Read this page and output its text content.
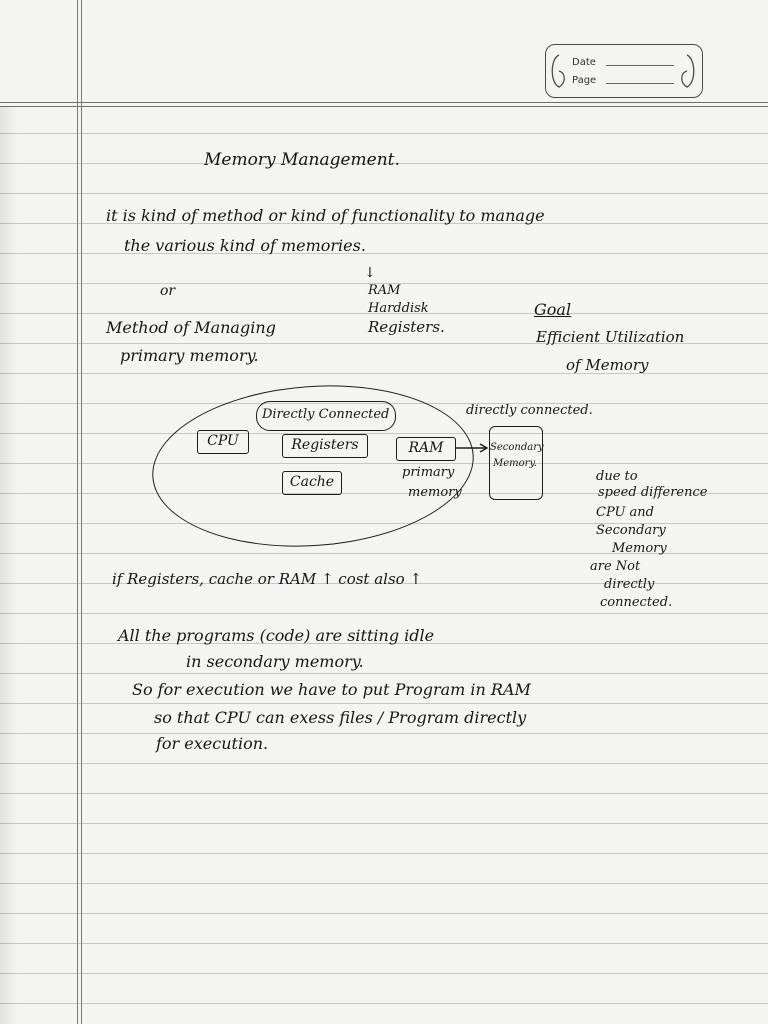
Date
Page
Memory Management.
it is kind of method or kind of functionality to manage
the various kind of memories.
↓
RAM
Harddisk
Registers.
or
Method of Managing
primary memory.
Goal
Efficient Utilization
of Memory
Directly Connected	directly connected.
CPU	Registers
Cache
RAM
primary
memory
Secondary
Memory.
due to
speed difference
CPU and
Secondary
Memory
are Not
directly
connected.
if Registers, cache or RAM ↑ cost also ↑
All the programs (code) are sitting idle
in secondary memory.
So for execution we have to put Program in RAM
so that CPU can exess files / Program directly
for execution.
